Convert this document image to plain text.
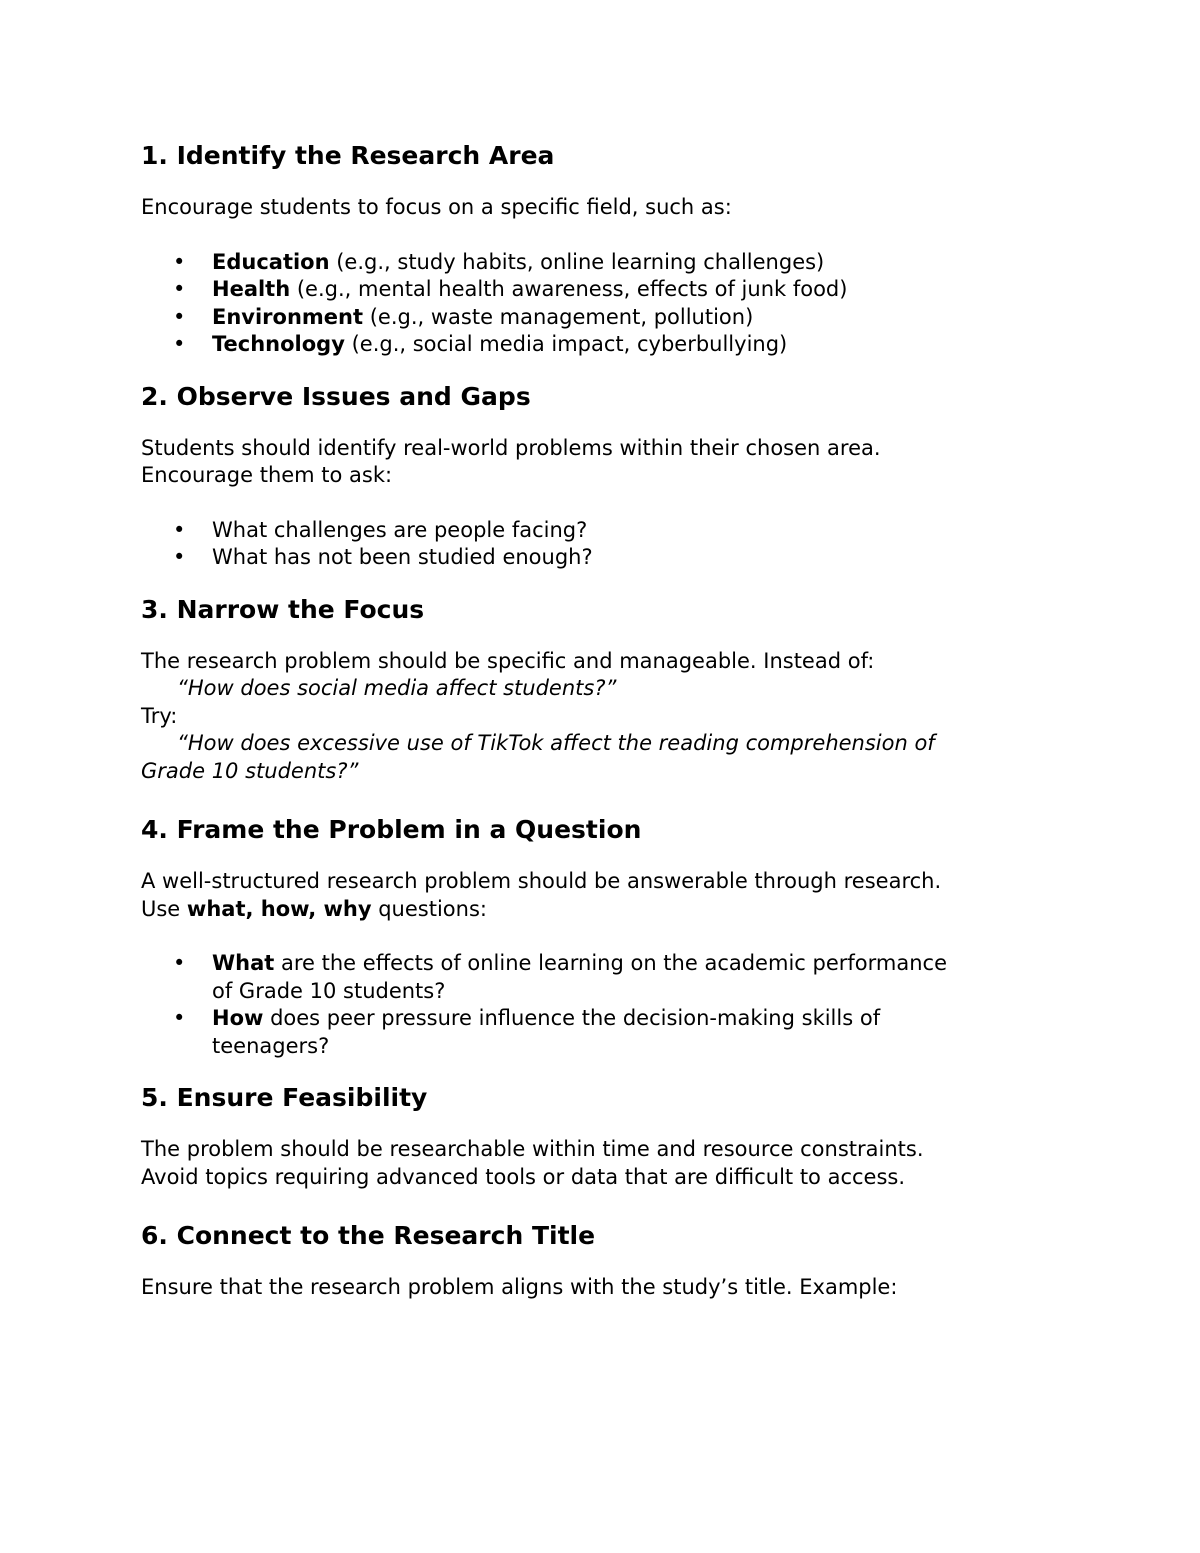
1. Identify the Research Area
Encourage students to focus on a specific field, such as:
• Education (e.g., study habits, online learning challenges)
• Health (e.g., mental health awareness, effects of junk food)
• Environment (e.g., waste management, pollution)
• Technology (e.g., social media impact, cyberbullying)
2. Observe Issues and Gaps
Students should identify real-world problems within their chosen area.
Encourage them to ask:
• What challenges are people facing?
• What has not been studied enough?
3. Narrow the Focus
The research problem should be specific and manageable. Instead of:
“How does social media affect students?”
Try:
“How does excessive use of TikTok affect the reading comprehension of
Grade 10 students?”
4. Frame the Problem in a Question
A well-structured research problem should be answerable through research.
Use what, how, why questions:
• What are the effects of online learning on the academic performance
of Grade 10 students?
• How does peer pressure influence the decision-making skills of
teenagers?
5. Ensure Feasibility
The problem should be researchable within time and resource constraints.
Avoid topics requiring advanced tools or data that are difficult to access.
6. Connect to the Research Title
Ensure that the research problem aligns with the study’s title. Example:
